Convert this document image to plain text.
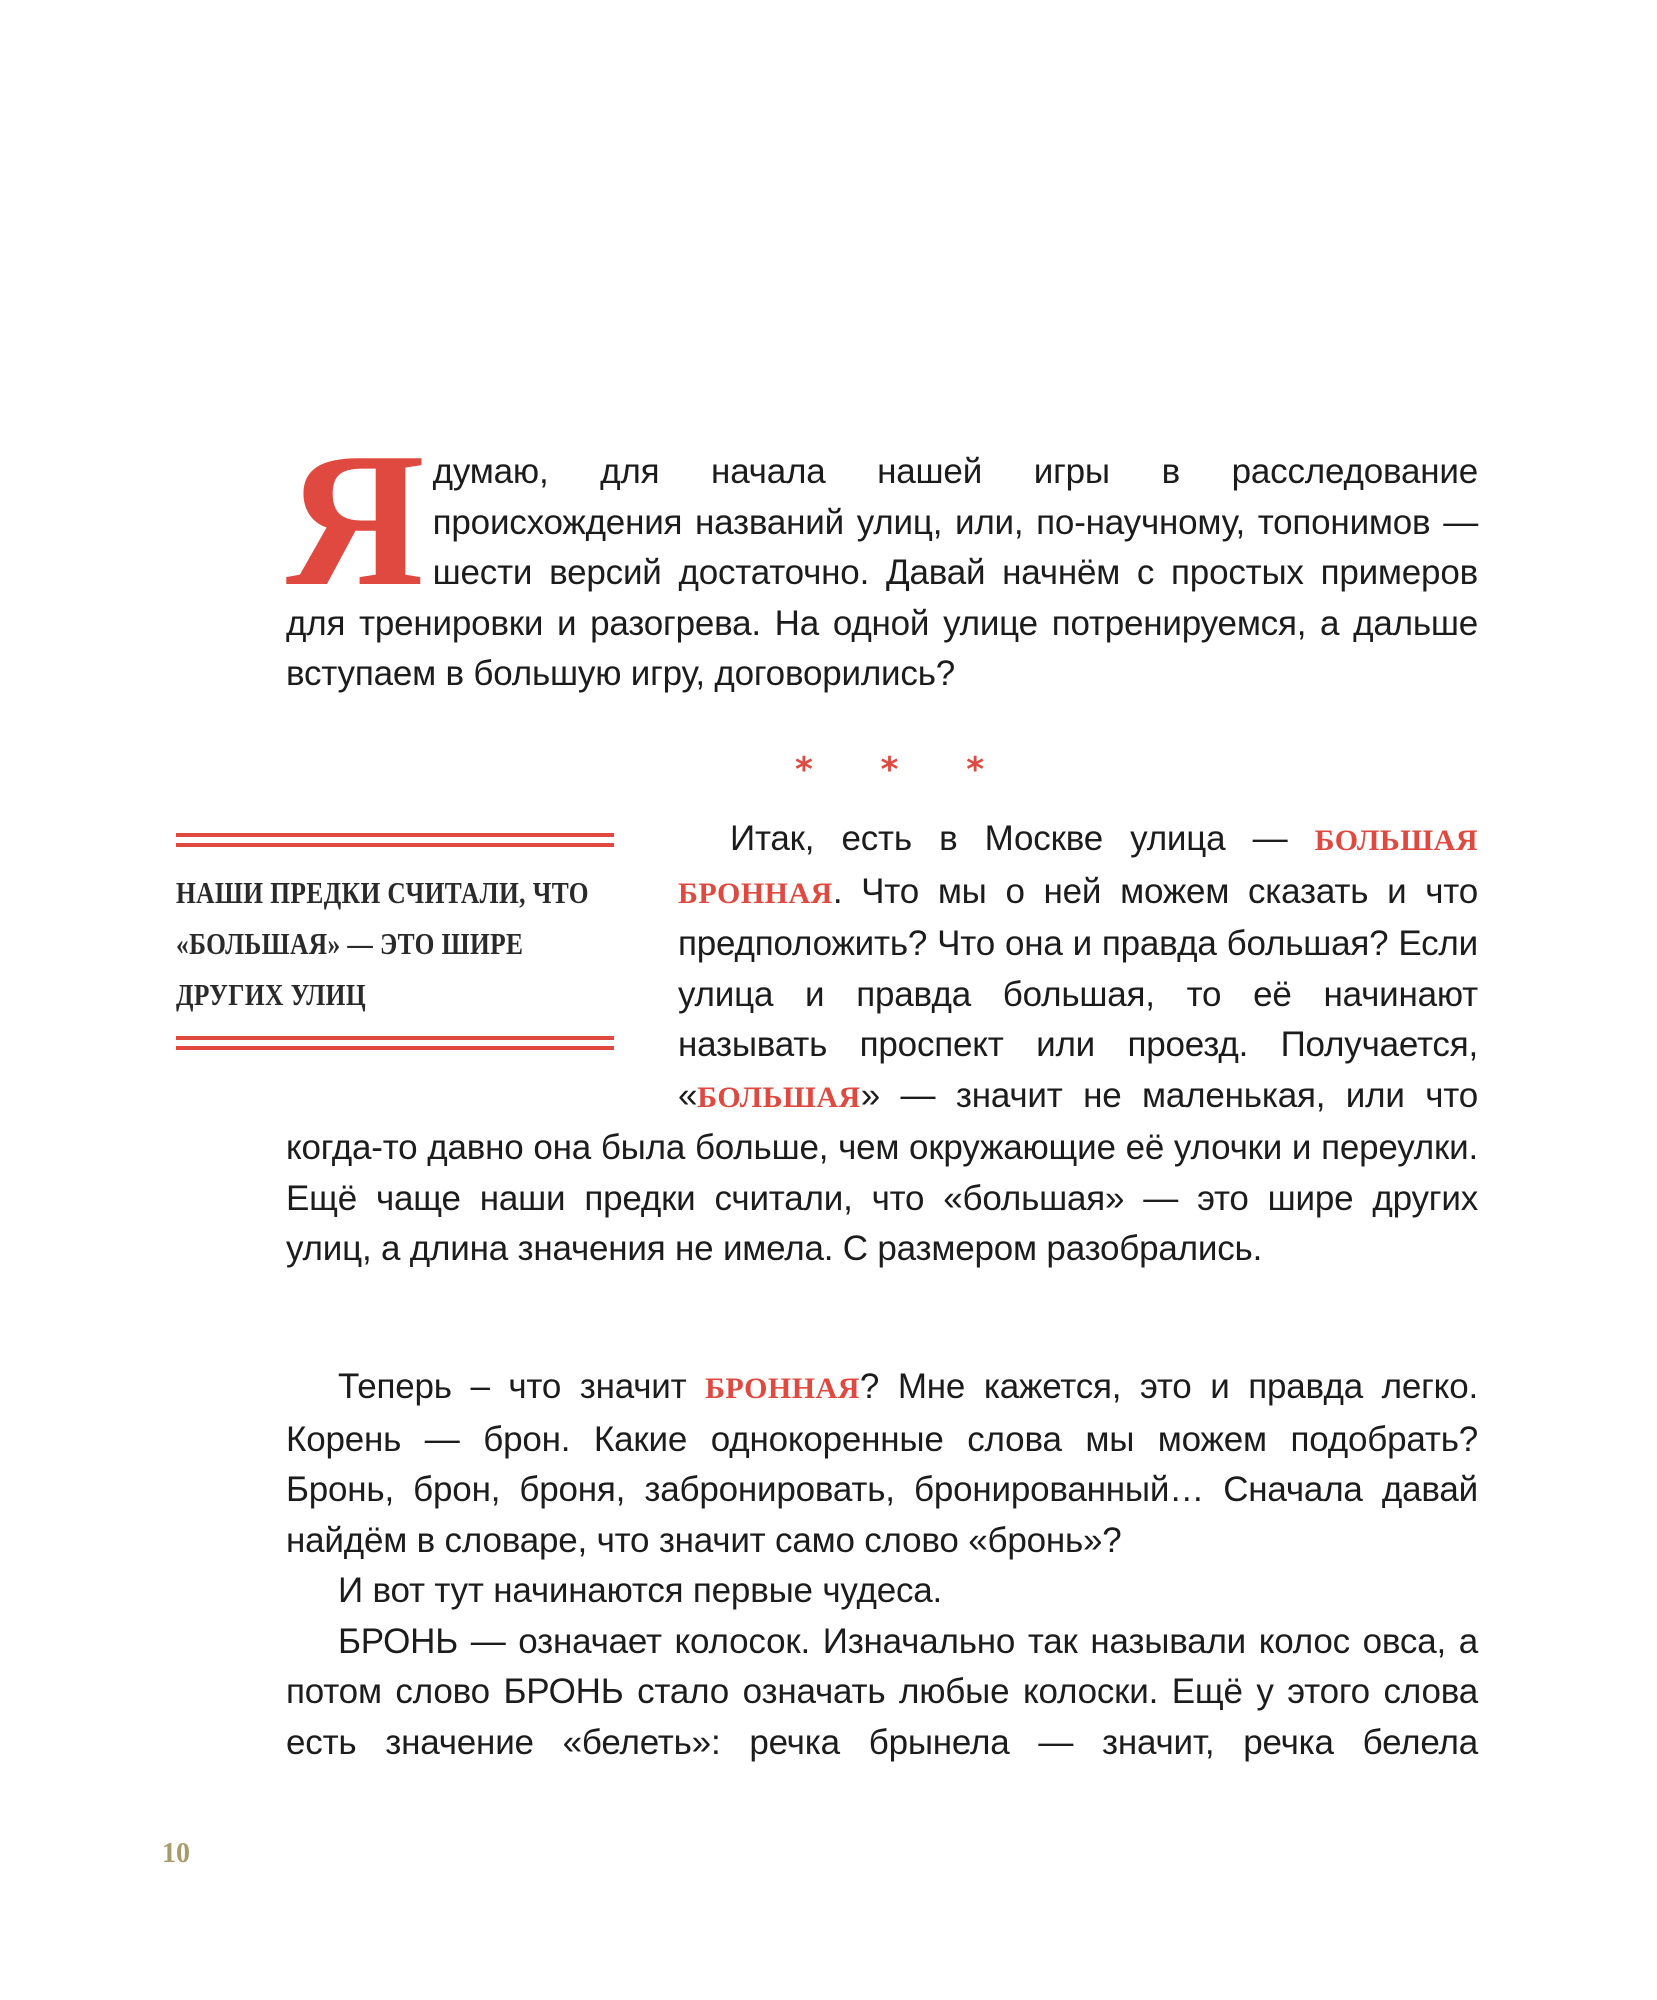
Ядумаю, для начала нашей игры в расследование происхождения названий улиц, или, по-научному, топонимов — шести версий достаточно. Давай начнём с простых примеров для тренировки и разогрева. На одной улице потренируемся, а дальше вступаем в большую игру, договорились?

* * *
НАШИ ПРЕДКИ СЧИТАЛИ, ЧТО «БОЛЬШАЯ» — ЭТО ШИРЕ ДРУГИХ УЛИЦ

Итак, есть в Москве улица — БОЛЬШАЯ БРОННАЯ. Что мы о ней можем сказать и что предположить? Что она и правда большая? Если улица и правда большая, то её начинают называть проспект или проезд. Получается, «БОЛЬШАЯ» — значит не маленькая, или что когда-то давно она была больше, чем окружающие её улочки и переулки. Ещё чаще наши предки считали, что «большая» — это шире других улиц, а длина значения не имела. С размером разобрались.

Теперь – что значит БРОННАЯ? Мне кажется, это и правда легко. Корень — брон. Какие однокоренные слова мы можем подобрать? Бронь, брон, броня, забронировать, бронированный… Сначала давай найдём в словаре, что значит само слово «бронь»?

И вот тут начинаются первые чудеса.

БРОНЬ — означает колосок. Изначально так называли колос овса, а потом слово БРОНЬ стало означать любые колоски. Ещё у этого слова есть значение «белеть»: речка брынела — значит, речка белела

10
